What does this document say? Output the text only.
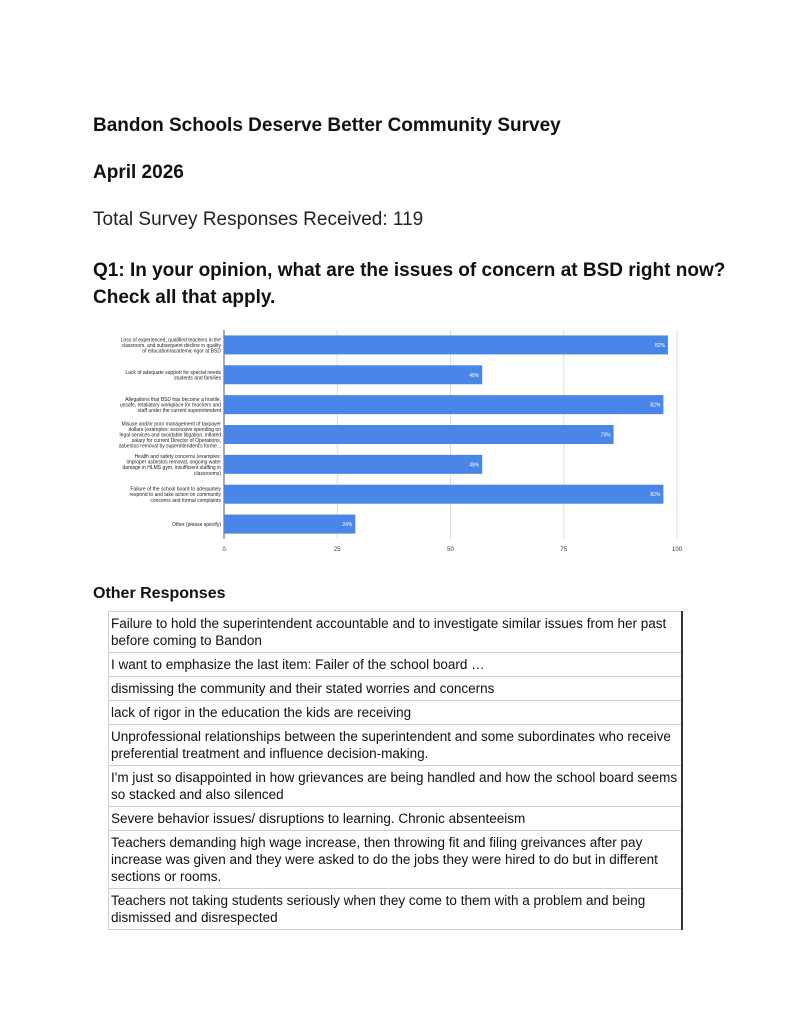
Bandon Schools Deserve Better Community Survey
April 2026
Total Survey Responses Received: 119
Q1: In your opinion, what are the issues of concern at BSD right now? Check all that apply.
0	25	50	75	100
82%
Loss of experienced, qualified teachers in the classroom, and subsequent decline in quality of education/academic rigor at BSD
48%
Lack of adequate support for special needs students and families
82%
Allegations that BSD has become a hostile, unsafe, retaliatory workplace for teachers and staff under the current superintendent
73%
Misuse and/or poor management of taxpayer dollars (examples: excessive spending on legal services and avoidable litigation, inflated salary for current Director of Operations, asbestos removal by superintendent's forme...
48%
Health and safety concerns (examples: improper asbestos removal, ongoing water damage in HLMS gym, insufficient staffing in classrooms)
82%
Failure of the school board to adequately respond to and take action on community concerns and formal complaints
24%
Other (please specify)
Other Responses
Failure to hold the superintendent accountable and to investigate similar issues from her past before coming to Bandon
I want to emphasize the last item: Failer of the school board …
dismissing the community and their stated worries and concerns
lack of rigor in the education the kids are receiving
Unprofessional relationships between the superintendent and some subordinates who receive preferential treatment and influence decision-making.
I'm just so disappointed in how grievances are being handled and how the school board seems so stacked and also silenced
Severe behavior issues/ disruptions to learning. Chronic absenteeism
Teachers demanding high wage increase, then throwing fit and filing greivances after pay increase was given and they were asked to do the jobs they were hired to do but in different sections or rooms.
Teachers not taking students seriously when they come to them with a problem and being dismissed and disrespected
